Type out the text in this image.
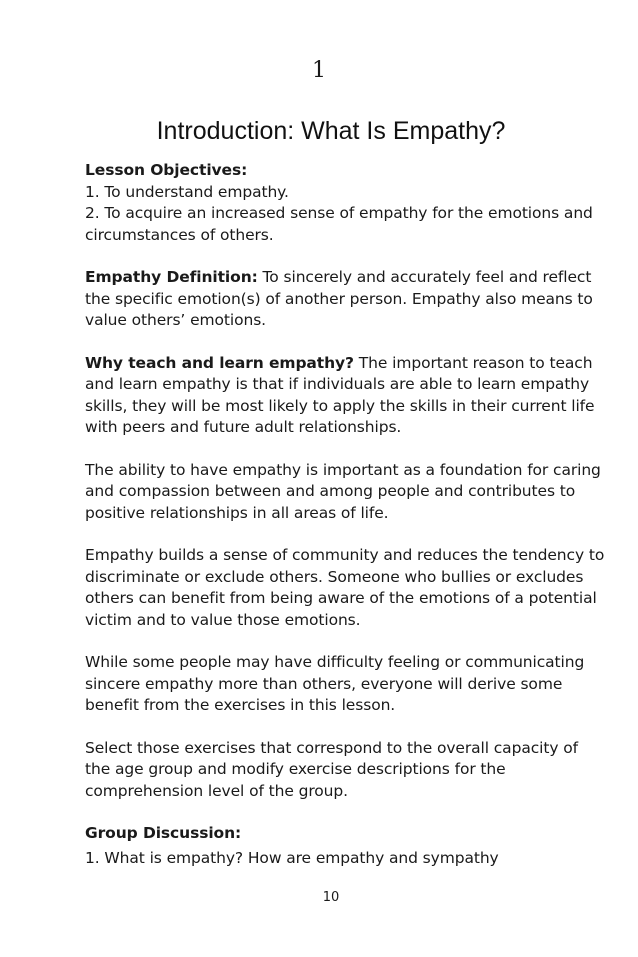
1
Introduction: What Is Empathy?

Lesson Objectives:

1. To understand empathy.

2. To acquire an increased sense of empathy for the emotions and circumstances of others.

Empathy Definition: To sincerely and accurately feel and reflect the specific emotion(s) of another person. Empathy also means to value others’ emotions.

Why teach and learn empathy? The important reason to teach and learn empathy is that if individuals are able to learn empathy skills, they will be most likely to apply the skills in their current life with peers and future adult relationships.

The ability to have empathy is important as a foundation for caring and compassion between and among people and contributes to positive relationships in all areas of life.

Empathy builds a sense of community and reduces the tendency to discriminate or exclude others. Someone who bullies or excludes others can benefit from being aware of the emotions of a potential victim and to value those emotions.

While some people may have difficulty feeling or communicating sincere empathy more than others, everyone will derive some benefit from the exercises in this lesson.

Select those exercises that correspond to the overall capacity of the age group and modify exercise descriptions for the comprehension level of the group.

Group Discussion:

1. What is empathy? How are empathy and sympathy

10
